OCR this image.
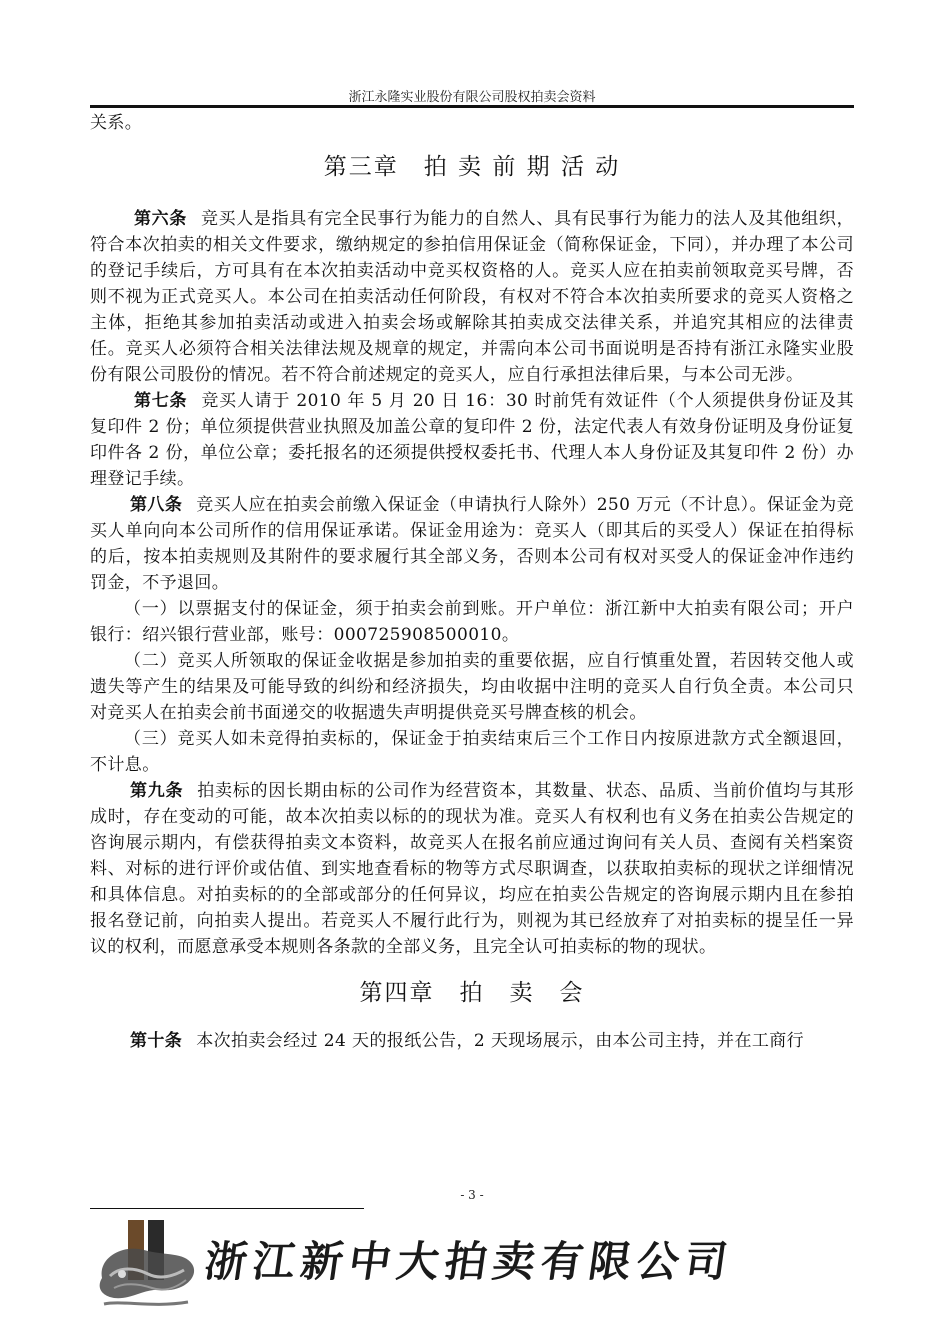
浙江永隆实业股份有限公司股权拍卖会资料

关系。

第三章　拍 卖 前 期 活 动

第六条 竞买人是指具有完全民事行为能力的自然人、具有民事行为能力的法人及其他组织，符合本次拍卖的相关文件要求，缴纳规定的参拍信用保证金（简称保证金，下同），并办理了本公司的登记手续后，方可具有在本次拍卖活动中竞买权资格的人。竞买人应在拍卖前领取竞买号牌，否则不视为正式竞买人。本公司在拍卖活动任何阶段，有权对不符合本次拍卖所要求的竞买人资格之主体，拒绝其参加拍卖活动或进入拍卖会场或解除其拍卖成交法律关系，并追究其相应的法律责任。竞买人必须符合相关法律法规及规章的规定，并需向本公司书面说明是否持有浙江永隆实业股份有限公司股份的情况。若不符合前述规定的竞买人，应自行承担法律后果，与本公司无涉。

第七条 竞买人请于 2010 年 5 月 20 日 16：30 时前凭有效证件（个人须提供身份证及其复印件 2 份；单位须提供营业执照及加盖公章的复印件 2 份，法定代表人有效身份证明及身份证复印件各 2 份，单位公章；委托报名的还须提供授权委托书、代理人本人身份证及其复印件 2 份）办理登记手续。

第八条 竞买人应在拍卖会前缴入保证金（申请执行人除外）250 万元（不计息）。保证金为竞买人单向向本公司所作的信用保证承诺。保证金用途为：竞买人（即其后的买受人）保证在拍得标的后，按本拍卖规则及其附件的要求履行其全部义务，否则本公司有权对买受人的保证金冲作违约罚金，不予退回。

（一）以票据支付的保证金，须于拍卖会前到账。开户单位：浙江新中大拍卖有限公司；开户银行：绍兴银行营业部，账号：000725908500010。

（二）竞买人所领取的保证金收据是参加拍卖的重要依据，应自行慎重处置，若因转交他人或遗失等产生的结果及可能导致的纠纷和经济损失，均由收据中注明的竞买人自行负全责。本公司只对竞买人在拍卖会前书面递交的收据遗失声明提供竞买号牌查核的机会。

（三）竞买人如未竞得拍卖标的，保证金于拍卖结束后三个工作日内按原进款方式全额退回，不计息。

第九条 拍卖标的因长期由标的公司作为经营资本，其数量、状态、品质、当前价值均与其形成时，存在变动的可能，故本次拍卖以标的的现状为准。竞买人有权利也有义务在拍卖公告规定的咨询展示期内，有偿获得拍卖文本资料，故竞买人在报名前应通过询问有关人员、查阅有关档案资料、对标的进行评价或估值、到实地查看标的物等方式尽职调查，以获取拍卖标的现状之详细情况和具体信息。对拍卖标的的全部或部分的任何异议，均应在拍卖公告规定的咨询展示期内且在参拍报名登记前，向拍卖人提出。若竞买人不履行此行为，则视为其已经放弃了对拍卖标的提呈任一异议的权利，而愿意承受本规则各条款的全部义务，且完全认可拍卖标的物的现状。

第四章　拍　卖　会

第十条 本次拍卖会经过 24 天的报纸公告，2 天现场展示，由本公司主持，并在工商行

- 3 -
浙江新中大拍卖有限公司
